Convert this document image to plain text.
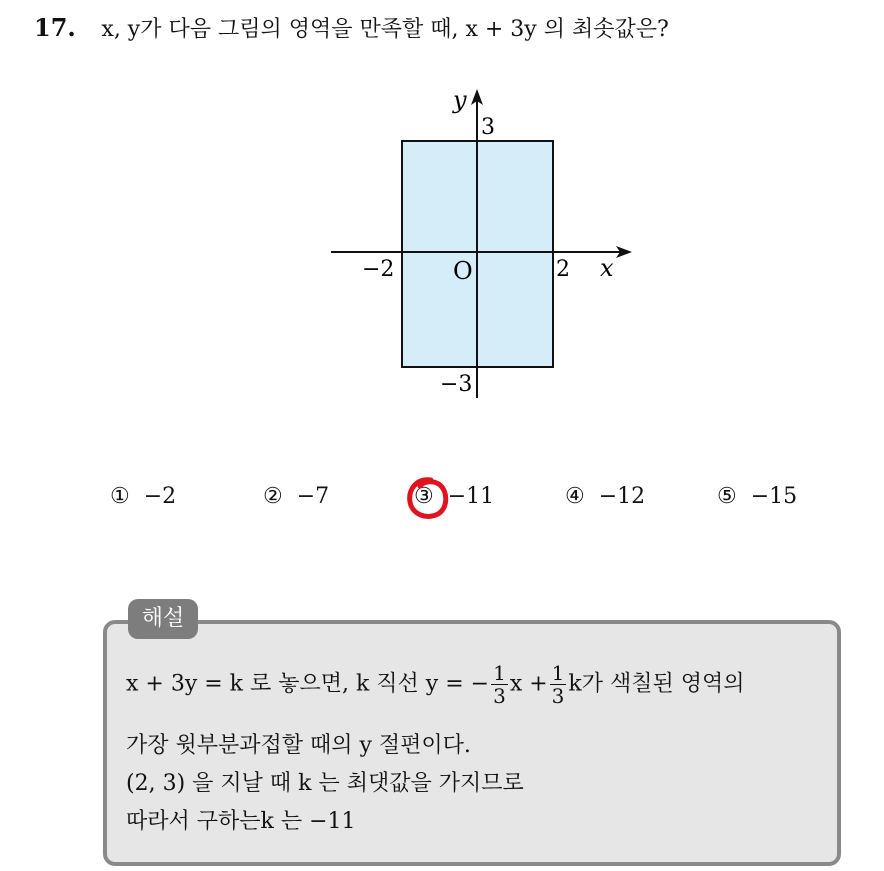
17. x, y가 다음 그림의 영역을 만족할 때, x + 3y 의 최솟값은?
y
x
O
−2	2
3
−3
① −2	② −7	③ −11	④ −12	⑤ −15
해설
x + 3y = k 로 놓으면, k 직선 y = − $\frac{1}{3}$ $x + \frac{1}{3}$ k가 색칠된 영역의
가장 윗부분과접할 때의 y 절편이다.
(2, 3) 을 지날 때 k 는 최댓값을 가지므로
따라서 구하는k 는 −11
